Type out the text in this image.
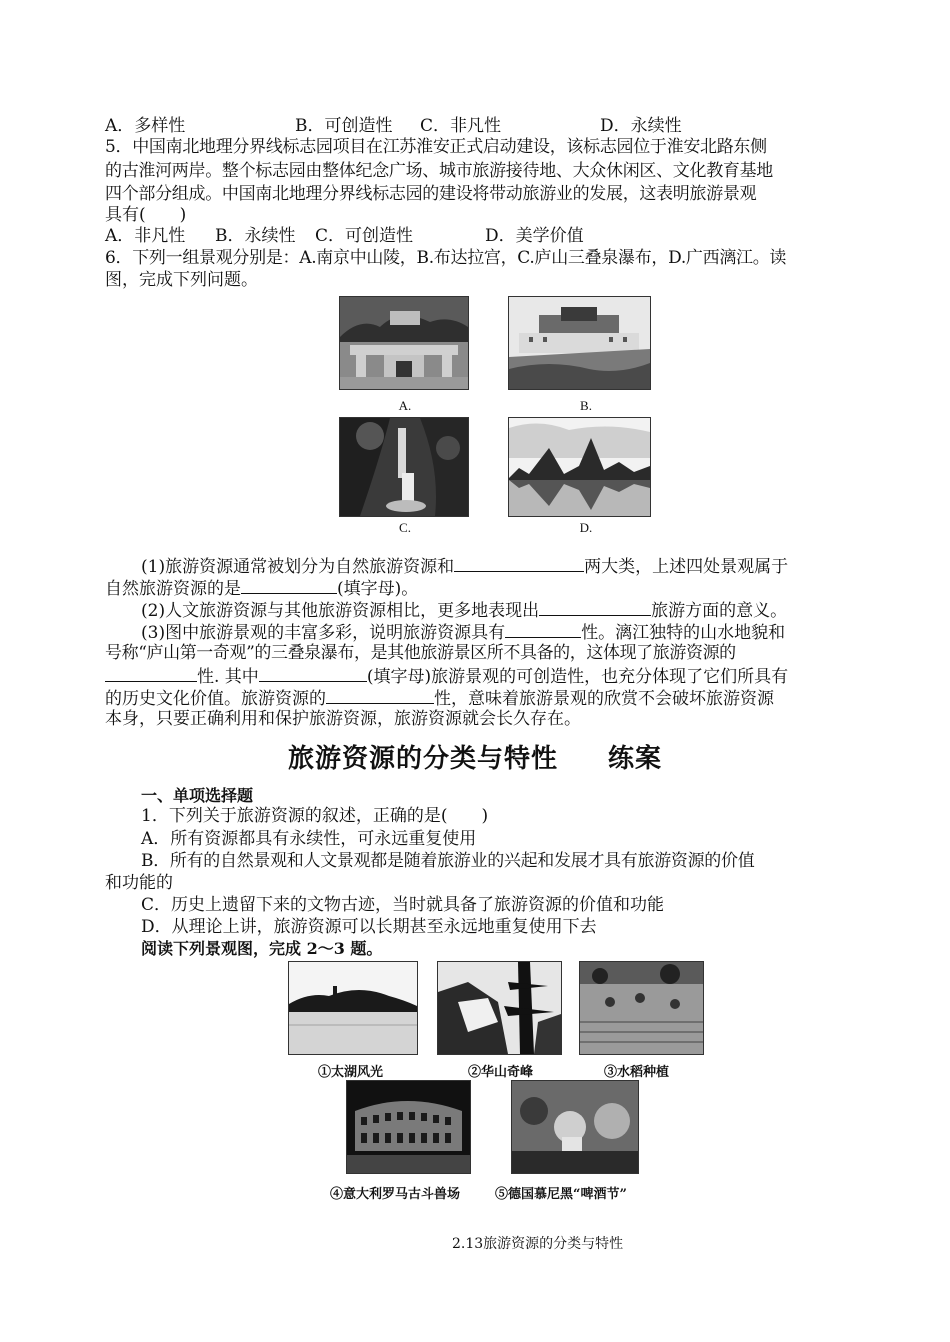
A．多样性	B．可创造性 C．非凡性	D．永续性
5．中国南北地理分界线标志园项目在江苏淮安正式启动建设，该标志园位于淮安北路东侧
的古淮河两岸。整个标志园由整体纪念广场、城市旅游接待地、大众休闲区、文化教育基地
四个部分组成。中国南北地理分界线标志园的建设将带动旅游业的发展，这表明旅游景观
具有(　　)
A．非凡性 B．永续性 C．可创造性	D．美学价值
6．下列一组景观分别是：A.南京中山陵，B.布达拉宫，C.庐山三叠泉瀑布，D.广西漓江。读
图，完成下列问题。
A.	B.
C.	D.
(1)旅游资源通常被划分为自然旅游资源和	两大类，上述四处景观属于
自然旅游资源的是	(填字母)。
(2)人文旅游资源与其他旅游资源相比，更多地表现出	旅游方面的意义。
(3)图中旅游景观的丰富多彩，说明旅游资源具有	性。漓江独特的山水地貌和
号称“庐山第一奇观”的三叠泉瀑布，是其他旅游景区所不具备的，这体现了旅游资源的
性. 其中	(填字母)旅游景观的可创造性，也充分体现了它们所具有
的历史文化价值。旅游资源的	性，意味着旅游景观的欣赏不会破坏旅游资源
本身，只要正确利用和保护旅游资源，旅游资源就会长久存在。
旅游资源的分类与特性 练案
一、单项选择题
1．下列关于旅游资源的叙述，正确的是(　　)
A．所有资源都具有永续性，可永远重复使用
B．所有的自然景观和人文景观都是随着旅游业的兴起和发展才具有旅游资源的价值
和功能的
C．历史上遗留下来的文物古迹，当时就具备了旅游资源的价值和功能
D．从理论上讲，旅游资源可以长期甚至永远地重复使用下去
阅读下列景观图，完成 2～3 题。
①太湖风光	②华山奇峰	③水稻种植
④意大利罗马古斗兽场	⑤德国慕尼黑“啤酒节”
2.13旅游资源的分类与特性
